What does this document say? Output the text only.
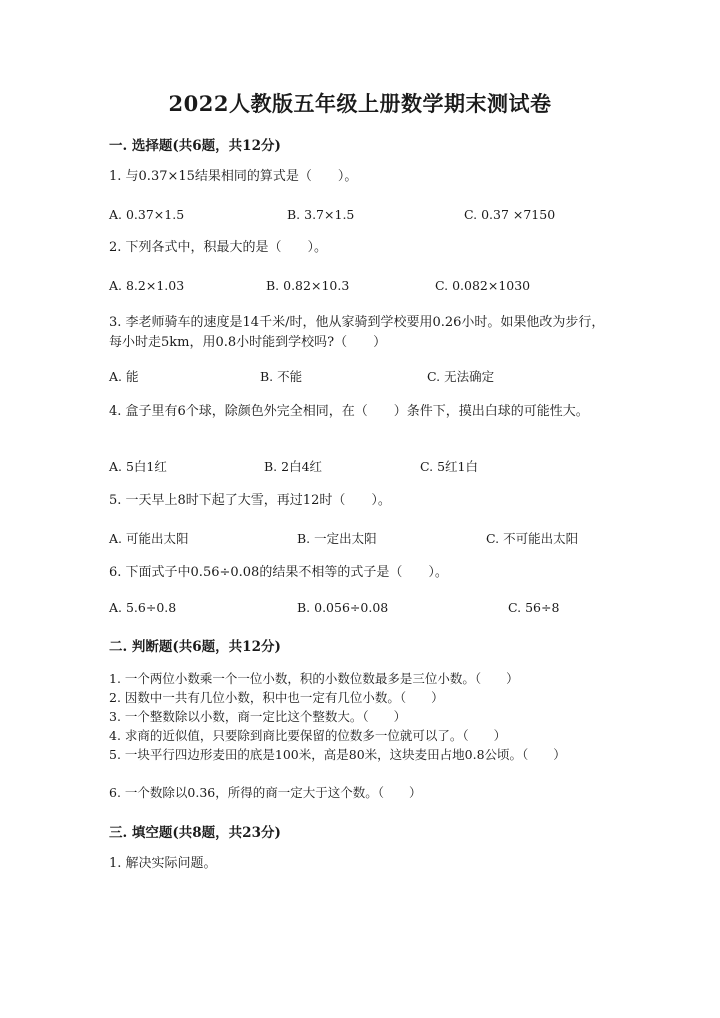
2022人教版五年级上册数学期末测试卷
一. 选择题(共6题，共12分)
1. 与0.37×15结果相同的算式是（　　）。
A. 0.37×1.5	B. 3.7×1.5	C. 0.37 ×7150
2. 下列各式中，积最大的是（　　）。
A. 8.2×1.03	B. 0.82×10.3	C. 0.082×1030
3. 李老师骑车的速度是14千米/时，他从家骑到学校要用0.26小时。如果他改为步行，每小时走5km，用0.8小时能到学校吗?（　　）
A. 能	B. 不能	C. 无法确定
4. 盒子里有6个球，除颜色外完全相同，在（　　）条件下，摸出白球的可能性大。
A. 5白1红	B. 2白4红	C. 5红1白
5. 一天早上8时下起了大雪，再过12时（　　）。
A. 可能出太阳	B. 一定出太阳	C. 不可能出太阳
6. 下面式子中0.56÷0.08的结果不相等的式子是（　　）。
A. 5.6÷0.8	B. 0.056÷0.08	C. 56÷8
二. 判断题(共6题，共12分)
1. 一个两位小数乘一个一位小数，积的小数位数最多是三位小数。（　　）
2. 因数中一共有几位小数，积中也一定有几位小数。（　　）
3. 一个整数除以小数，商一定比这个整数大。（　　）
4. 求商的近似值，只要除到商比要保留的位数多一位就可以了。（　　）
5. 一块平行四边形麦田的底是100米，高是80米，这块麦田占地0.8公顷。（　　）
6. 一个数除以0.36，所得的商一定大于这个数。（　　）
三. 填空题(共8题，共23分)
1. 解决实际问题。
